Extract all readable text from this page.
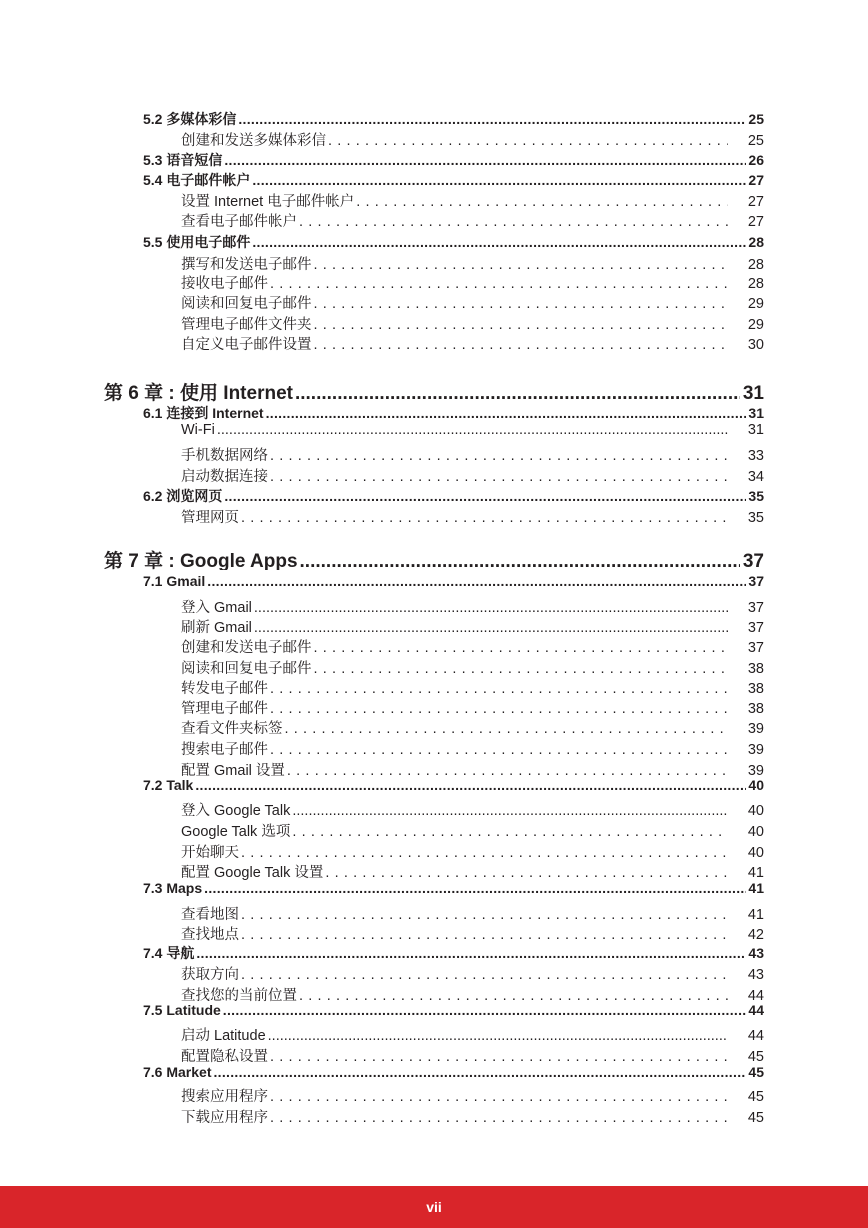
5.2 多媒体彩信 .....	25
创建和发送多媒体彩信 . . .	25
5.3 语音短信 .....	26
5.4 电子邮件帐户 .....	27
设置 Internet 电子邮件帐户 . . .	27
查看电子邮件帐户 . . .	27
5.5 使用电子邮件 .....	28
撰写和发送电子邮件 . . .	28
接收电子邮件 . . .	28
阅读和回复电子邮件 . . .	29
管理电子邮件文件夹 . . .	29
自定义电子邮件设置 . . .	30
第 6 章 : 使用 Internet .....	31
6.1 连接到 Internet .....	31
Wi-Fi .....	31
手机数据网络 . . .	33
启动数据连接 . . .	34
6.2 浏览网页 .....	35
管理网页 . . .	35
第 7 章 : Google Apps .....	37
7.1 Gmail .....	37
登入 Gmail .....	37
刷新 Gmail .....	37
创建和发送电子邮件 . . .	37
阅读和回复电子邮件 . . .	38
转发电子邮件 . . .	38
管理电子邮件 . . .	38
查看文件夹标签 . . .	39
搜索电子邮件 . . .	39
配置 Gmail 设置 . . .	39
7.2 Talk .....	40
登入 Google Talk .....	40
Google Talk 选项 . . .	40
开始聊天 . . .	40
配置 Google Talk 设置 . . .	41
7.3 Maps .....	41
查看地图 . . .	41
查找地点 . . .	42
7.4 导航 .....	43
获取方向 . . .	43
查找您的当前位置 . . .	44
7.5 Latitude .....	44
启动 Latitude .....	44
配置隐私设置 . . .	45
7.6 Market .....	45
搜索应用程序 . . .	45
下载应用程序 . . .	45
vii
